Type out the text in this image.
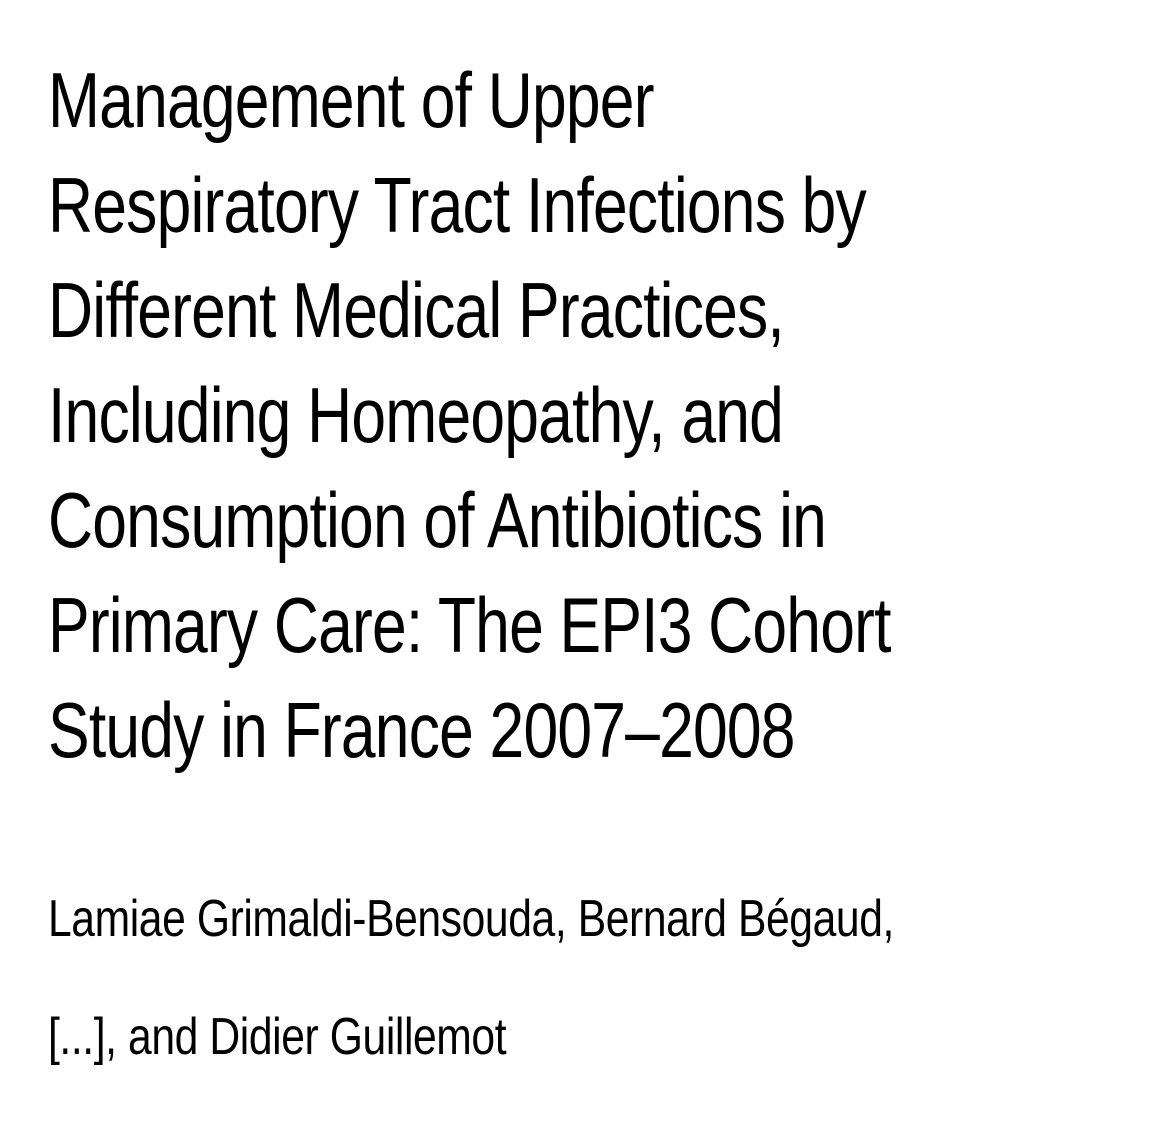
Management of Upper
Respiratory Tract Infections by
Different Medical Practices,
Including Homeopathy, and
Consumption of Antibiotics in
Primary Care: The EPI3 Cohort
Study in France 2007–2008
Lamiae Grimaldi-Bensouda, Bernard Bégaud,
[...], and Didier Guillemot
